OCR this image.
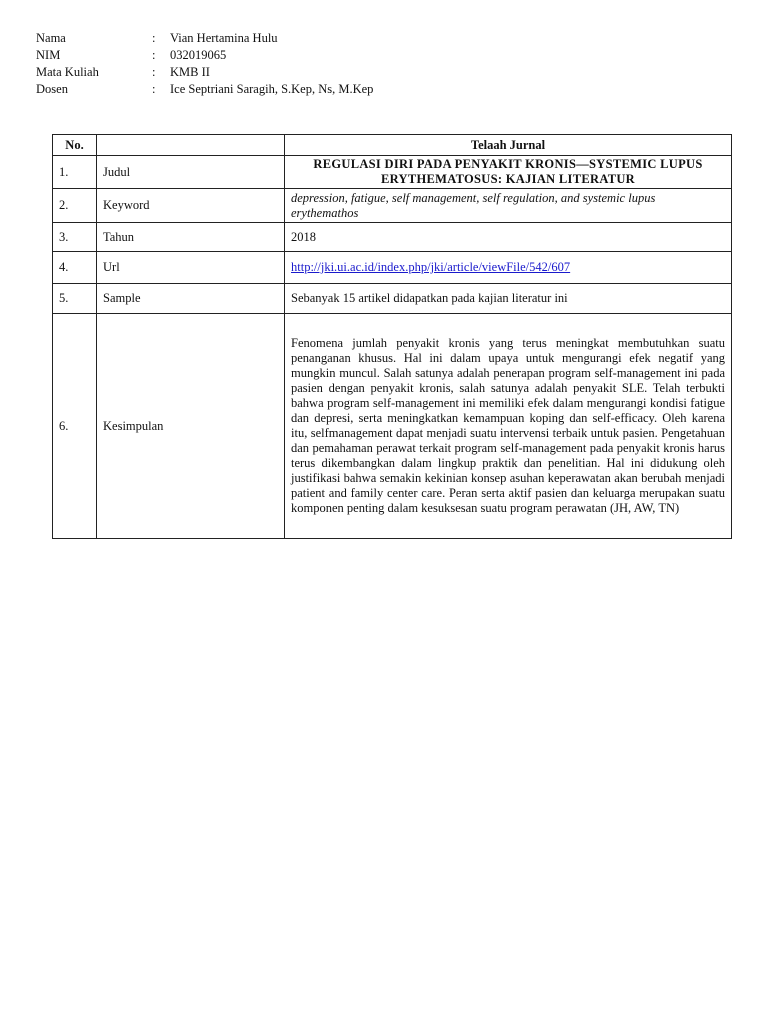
Nama	:	Vian Hertamina Hulu
NIM	:	032019065
Mata Kuliah	:	KMB II
Dosen	:	Ice Septriani Saragih, S.Kep, Ns, M.Kep
No.		Telaah Jurnal
1.	Judul	REGULASI DIRI PADA PENYAKIT KRONIS—SYSTEMIC LUPUS ERYTHEMATOSUS: KAJIAN LITERATUR
2.	Keyword	depression, fatigue, self management, self regulation, and systemic lupus erythemathos
3.	Tahun	2018
4.	Url	http://jki.ui.ac.id/index.php/jki/article/viewFile/542/607
5.	Sample	Sebanyak 15 artikel didapatkan pada kajian literatur ini
6.	Kesimpulan	Fenomena jumlah penyakit kronis yang terus meningkat membutuhkan suatu penanganan khusus. Hal ini dalam upaya untuk mengurangi efek negatif yang mungkin muncul. Salah satunya adalah penerapan program self-management ini pada pasien dengan penyakit kronis, salah satunya adalah penyakit SLE. Telah terbukti bahwa program self-management ini memiliki efek dalam mengurangi kondisi fatigue dan depresi, serta meningkatkan kemampuan koping dan self-efficacy. Oleh karena itu, selfmanagement dapat menjadi suatu intervensi terbaik untuk pasien. Pengetahuan dan pemahaman perawat terkait program self-management pada penyakit kronis harus terus dikembangkan dalam lingkup praktik dan penelitian. Hal ini didukung oleh justifikasi bahwa semakin kekinian konsep asuhan keperawatan akan berubah menjadi patient and family center care. Peran serta aktif pasien dan keluarga merupakan suatu komponen penting dalam kesuksesan suatu program perawatan (JH, AW, TN)
